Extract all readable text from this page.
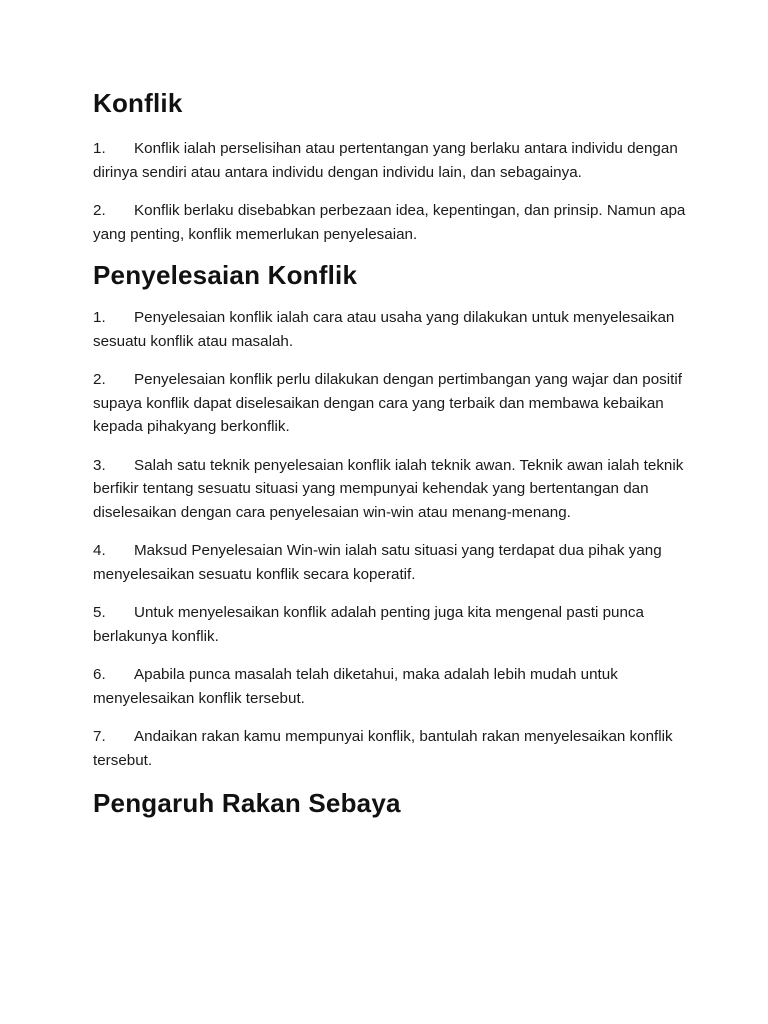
Konflik

1. Konflik ialah perselisihan atau pertentangan yang berlaku antara individu dengan dirinya sendiri atau antara individu dengan individu lain, dan sebagainya.

2. Konflik berlaku disebabkan perbezaan idea, kepentingan, dan prinsip. Namun apa yang penting, konflik memerlukan penyelesaian.

Penyelesaian Konflik

1. Penyelesaian konflik ialah cara atau usaha yang dilakukan untuk menyelesaikan sesuatu konflik atau masalah.

2. Penyelesaian konflik perlu dilakukan dengan pertimbangan yang wajar dan positif supaya konflik dapat diselesaikan dengan cara yang terbaik dan membawa kebaikan kepada pihakyang berkonflik.

3. Salah satu teknik penyelesaian konflik ialah teknik awan. Teknik awan ialah teknik berfikir tentang sesuatu situasi yang mempunyai kehendak yang bertentangan dan diselesaikan dengan cara penyelesaian win-win atau menang-menang.

4. Maksud Penyelesaian Win-win ialah satu situasi yang terdapat dua pihak yang menyelesaikan sesuatu konflik secara koperatif.

5. Untuk menyelesaikan konflik adalah penting juga kita mengenal pasti punca berlakunya konflik.

6. Apabila punca masalah telah diketahui, maka adalah lebih mudah untuk menyelesaikan konflik tersebut.

7. Andaikan rakan kamu mempunyai konflik, bantulah rakan menyelesaikan konflik tersebut.

Pengaruh Rakan Sebaya
